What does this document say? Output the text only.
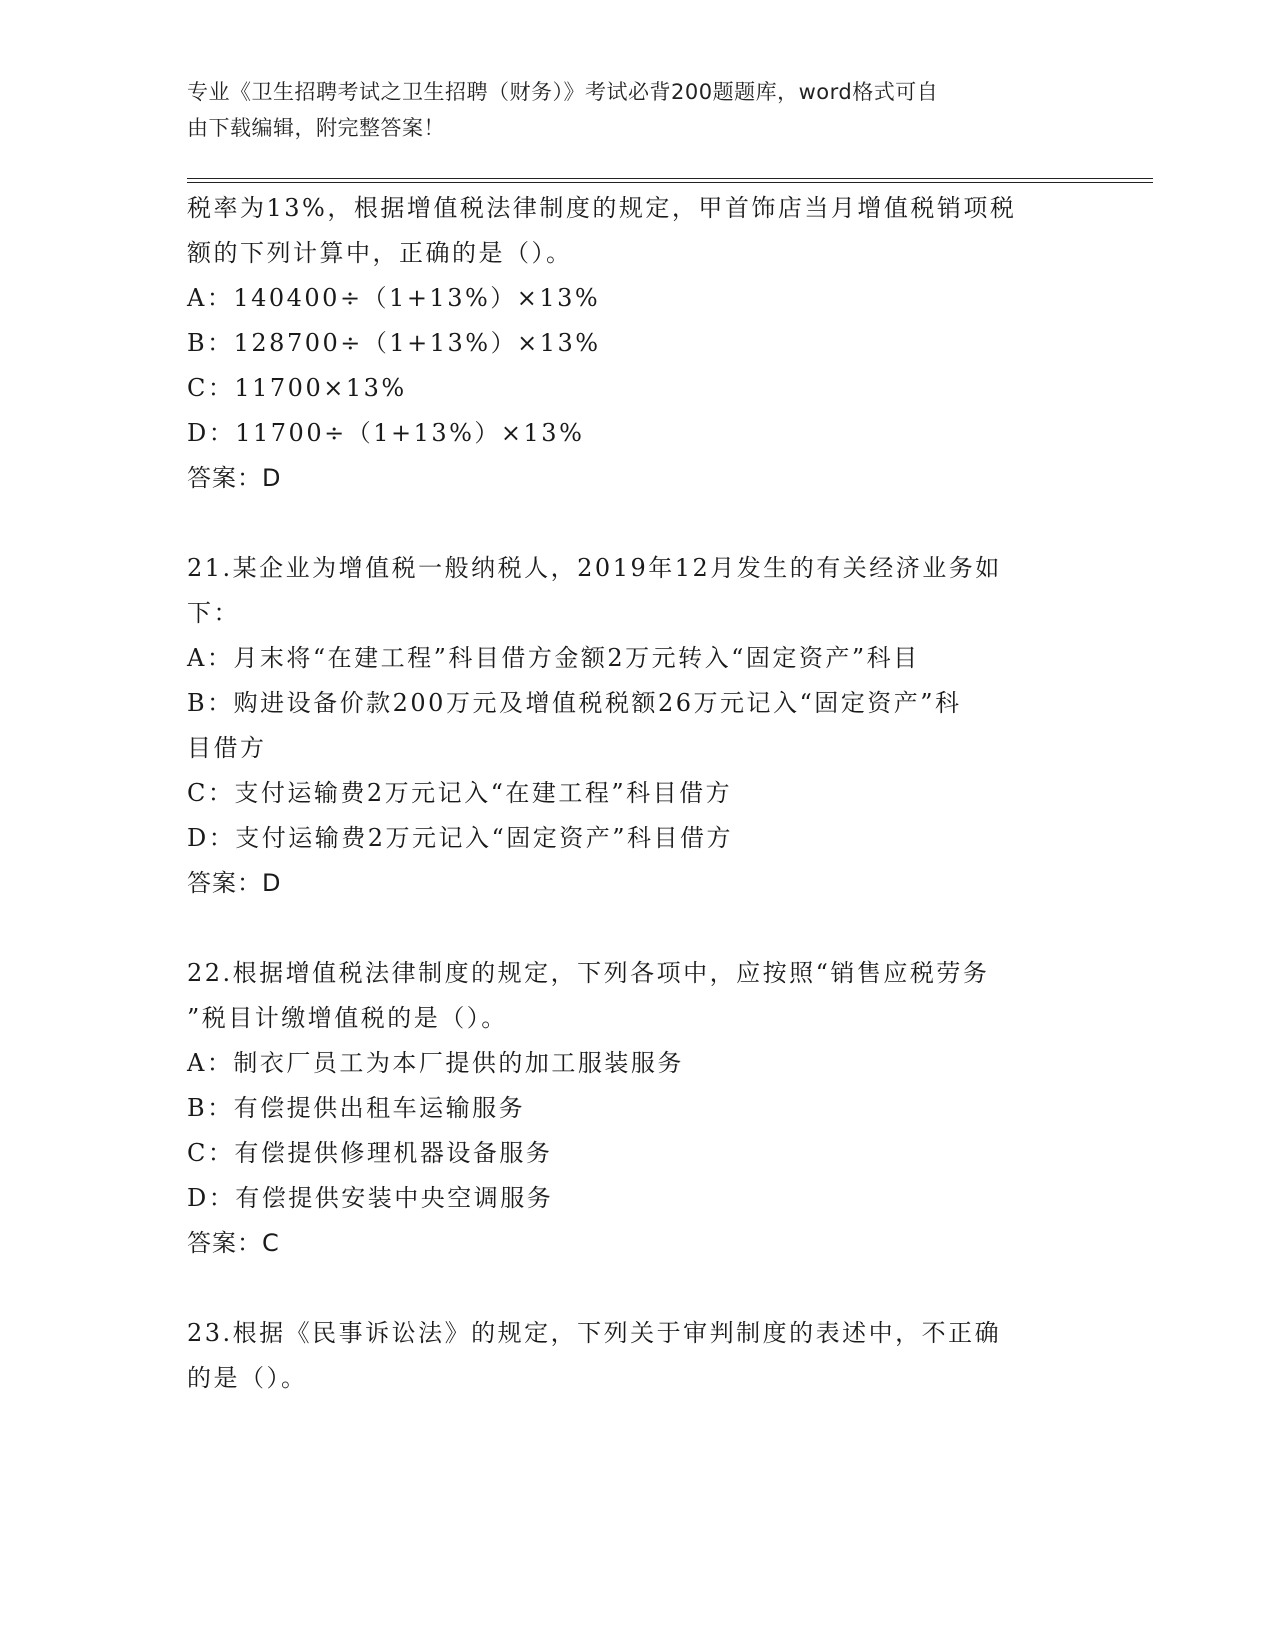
专业《卫生招聘考试之卫生招聘（财务）》考试必背200题题库，word格式可自
由下载编辑，附完整答案！
税率为13%，根据增值税法律制度的规定，甲首饰店当月增值税销项税
额的下列计算中，正确的是（）。
A：140400÷（1+13%）×13%
B：128700÷（1+13%）×13%
C：11700×13%
D：11700÷（1+13%）×13%
答案：D
21.某企业为增值税一般纳税人，2019年12月发生的有关经济业务如
下：
A：月末将“在建工程”科目借方金额2万元转入“固定资产”科目
B：购进设备价款200万元及增值税税额26万元记入“固定资产”科
目借方
C：支付运输费2万元记入“在建工程”科目借方
D：支付运输费2万元记入“固定资产”科目借方
答案：D
22.根据增值税法律制度的规定，下列各项中，应按照“销售应税劳务
”税目计缴增值税的是（）。
A：制衣厂员工为本厂提供的加工服装服务
B：有偿提供出租车运输服务
C：有偿提供修理机器设备服务
D：有偿提供安装中央空调服务
答案：C
23.根据《民事诉讼法》的规定，下列关于审判制度的表述中，不正确
的是（）。
